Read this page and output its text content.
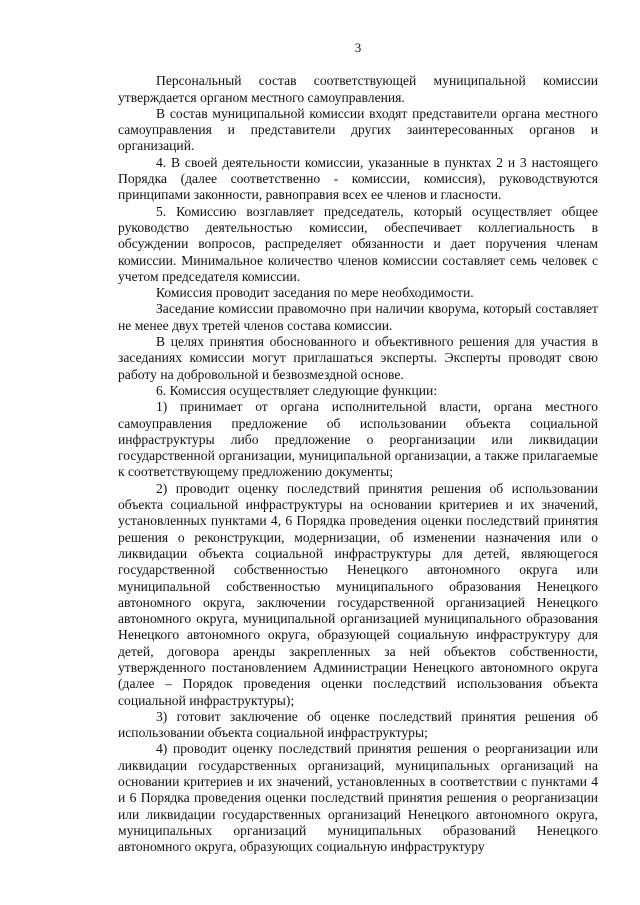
3

Персональный состав соответствующей муниципальной комиссии утверждается органом местного самоуправления.

В состав муниципальной комиссии входят представители органа местного самоуправления и представители других заинтересованных органов и организаций.

4. В своей деятельности комиссии, указанные в пунктах 2 и 3 настоящего Порядка (далее соответственно - комиссии, комиссия), руководствуются принципами законности, равноправия всех ее членов и гласности.

5. Комиссию возглавляет председатель, который осуществляет общее руководство деятельностью комиссии, обеспечивает коллегиальность в обсуждении вопросов, распределяет обязанности и дает поручения членам комиссии. Минимальное количество членов комиссии составляет семь человек с учетом председателя комиссии.

Комиссия проводит заседания по мере необходимости.

Заседание комиссии правомочно при наличии кворума, который составляет не менее двух третей членов состава комиссии.

В целях принятия обоснованного и объективного решения для участия в заседаниях комиссии могут приглашаться эксперты. Эксперты проводят свою работу на добровольной и безвозмездной основе.

6. Комиссия осуществляет следующие функции:

1) принимает от органа исполнительной власти, органа местного самоуправления предложение об использовании объекта социальной инфраструктуры либо предложение о реорганизации или ликвидации государственной организации, муниципальной организации, а также прилагаемые к соответствующему предложению документы;

2) проводит оценку последствий принятия решения об использовании объекта социальной инфраструктуры на основании критериев и их значений, установленных пунктами 4, 6 Порядка проведения оценки последствий принятия решения о реконструкции, модернизации, об изменении назначения или о ликвидации объекта социальной инфраструктуры для детей, являющегося государственной собственностью Ненецкого автономного округа или муниципальной собственностью муниципального образования Ненецкого автономного округа, заключении государственной организацией Ненецкого автономного округа, муниципальной организацией муниципального образования Ненецкого автономного округа, образующей социальную инфраструктуру для детей, договора аренды закрепленных за ней объектов собственности, утвержденного постановлением Администрации Ненецкого автономного округа (далее – Порядок проведения оценки последствий использования объекта социальной инфраструктуры);

3) готовит заключение об оценке последствий принятия решения об использовании объекта социальной инфраструктуры;

4) проводит оценку последствий принятия решения о реорганизации или ликвидации государственных организаций, муниципальных организаций на основании критериев и их значений, установленных в соответствии с пунктами 4 и 6 Порядка проведения оценки последствий принятия решения о реорганизации или ликвидации государственных организаций Ненецкого автономного округа, муниципальных организаций муниципальных образований Ненецкого автономного округа, образующих социальную инфраструктуру
